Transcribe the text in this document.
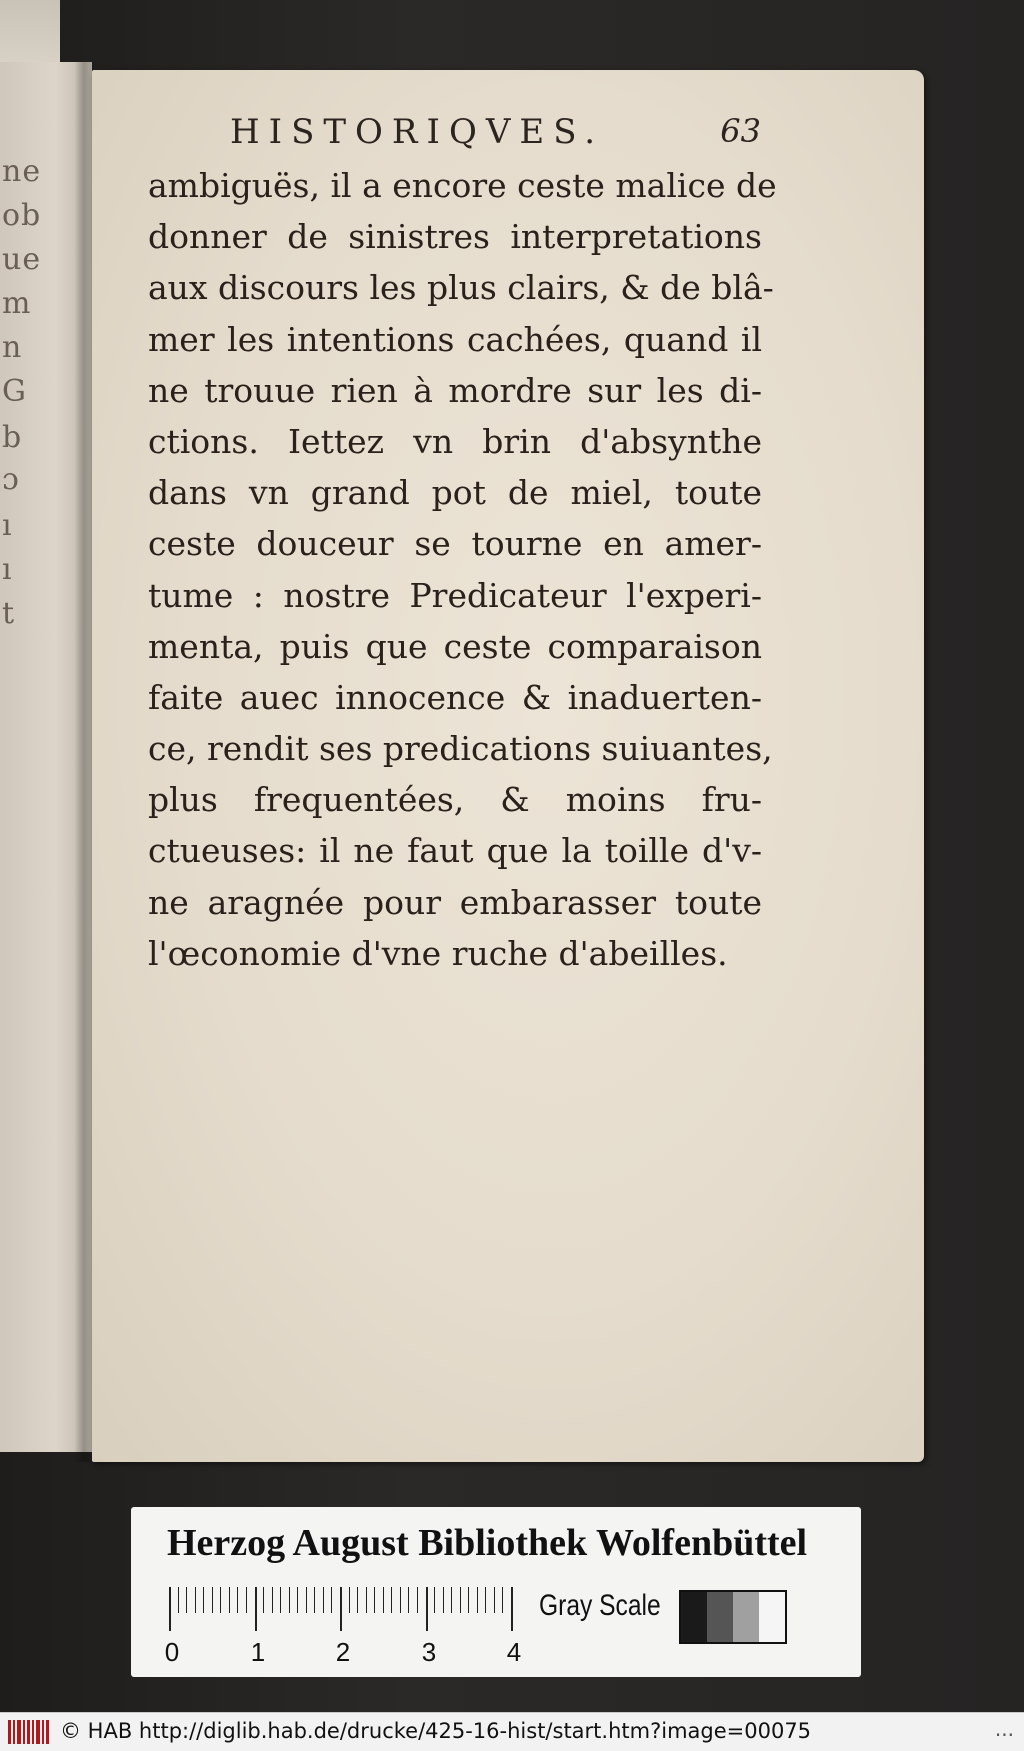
ne
ob
ue
m
n
G
b
ɔ
ı
ı
t
HISTORIQVES.	63
ambiguës, il a encore ceste malice de
donner de sinistres interpretations
aux discours les plus clairs, & de blâ-
mer les intentions cachées, quand il
ne trouue rien à mordre sur les di-
ctions. Iettez vn brin d'absynthe
dans vn grand pot de miel, toute
ceste douceur se tourne en amer-
tume : nostre Predicateur l'experi-
menta, puis que ceste comparaison
faite auec innocence & inaduerten-
ce, rendit ses predications suiuantes,
plus frequentées, & moins fru-
ctueuses: il ne faut que la toille d'v-
ne aragnée pour embarasser toute
l'œconomie d'vne ruche d'abeilles.
Herzog August Bibliothek Wolfenbüttel
0	1	2	3	4
Gray Scale
© HAB http://diglib.hab.de/drucke/425-16-hist/start.htm?image=00075	...
